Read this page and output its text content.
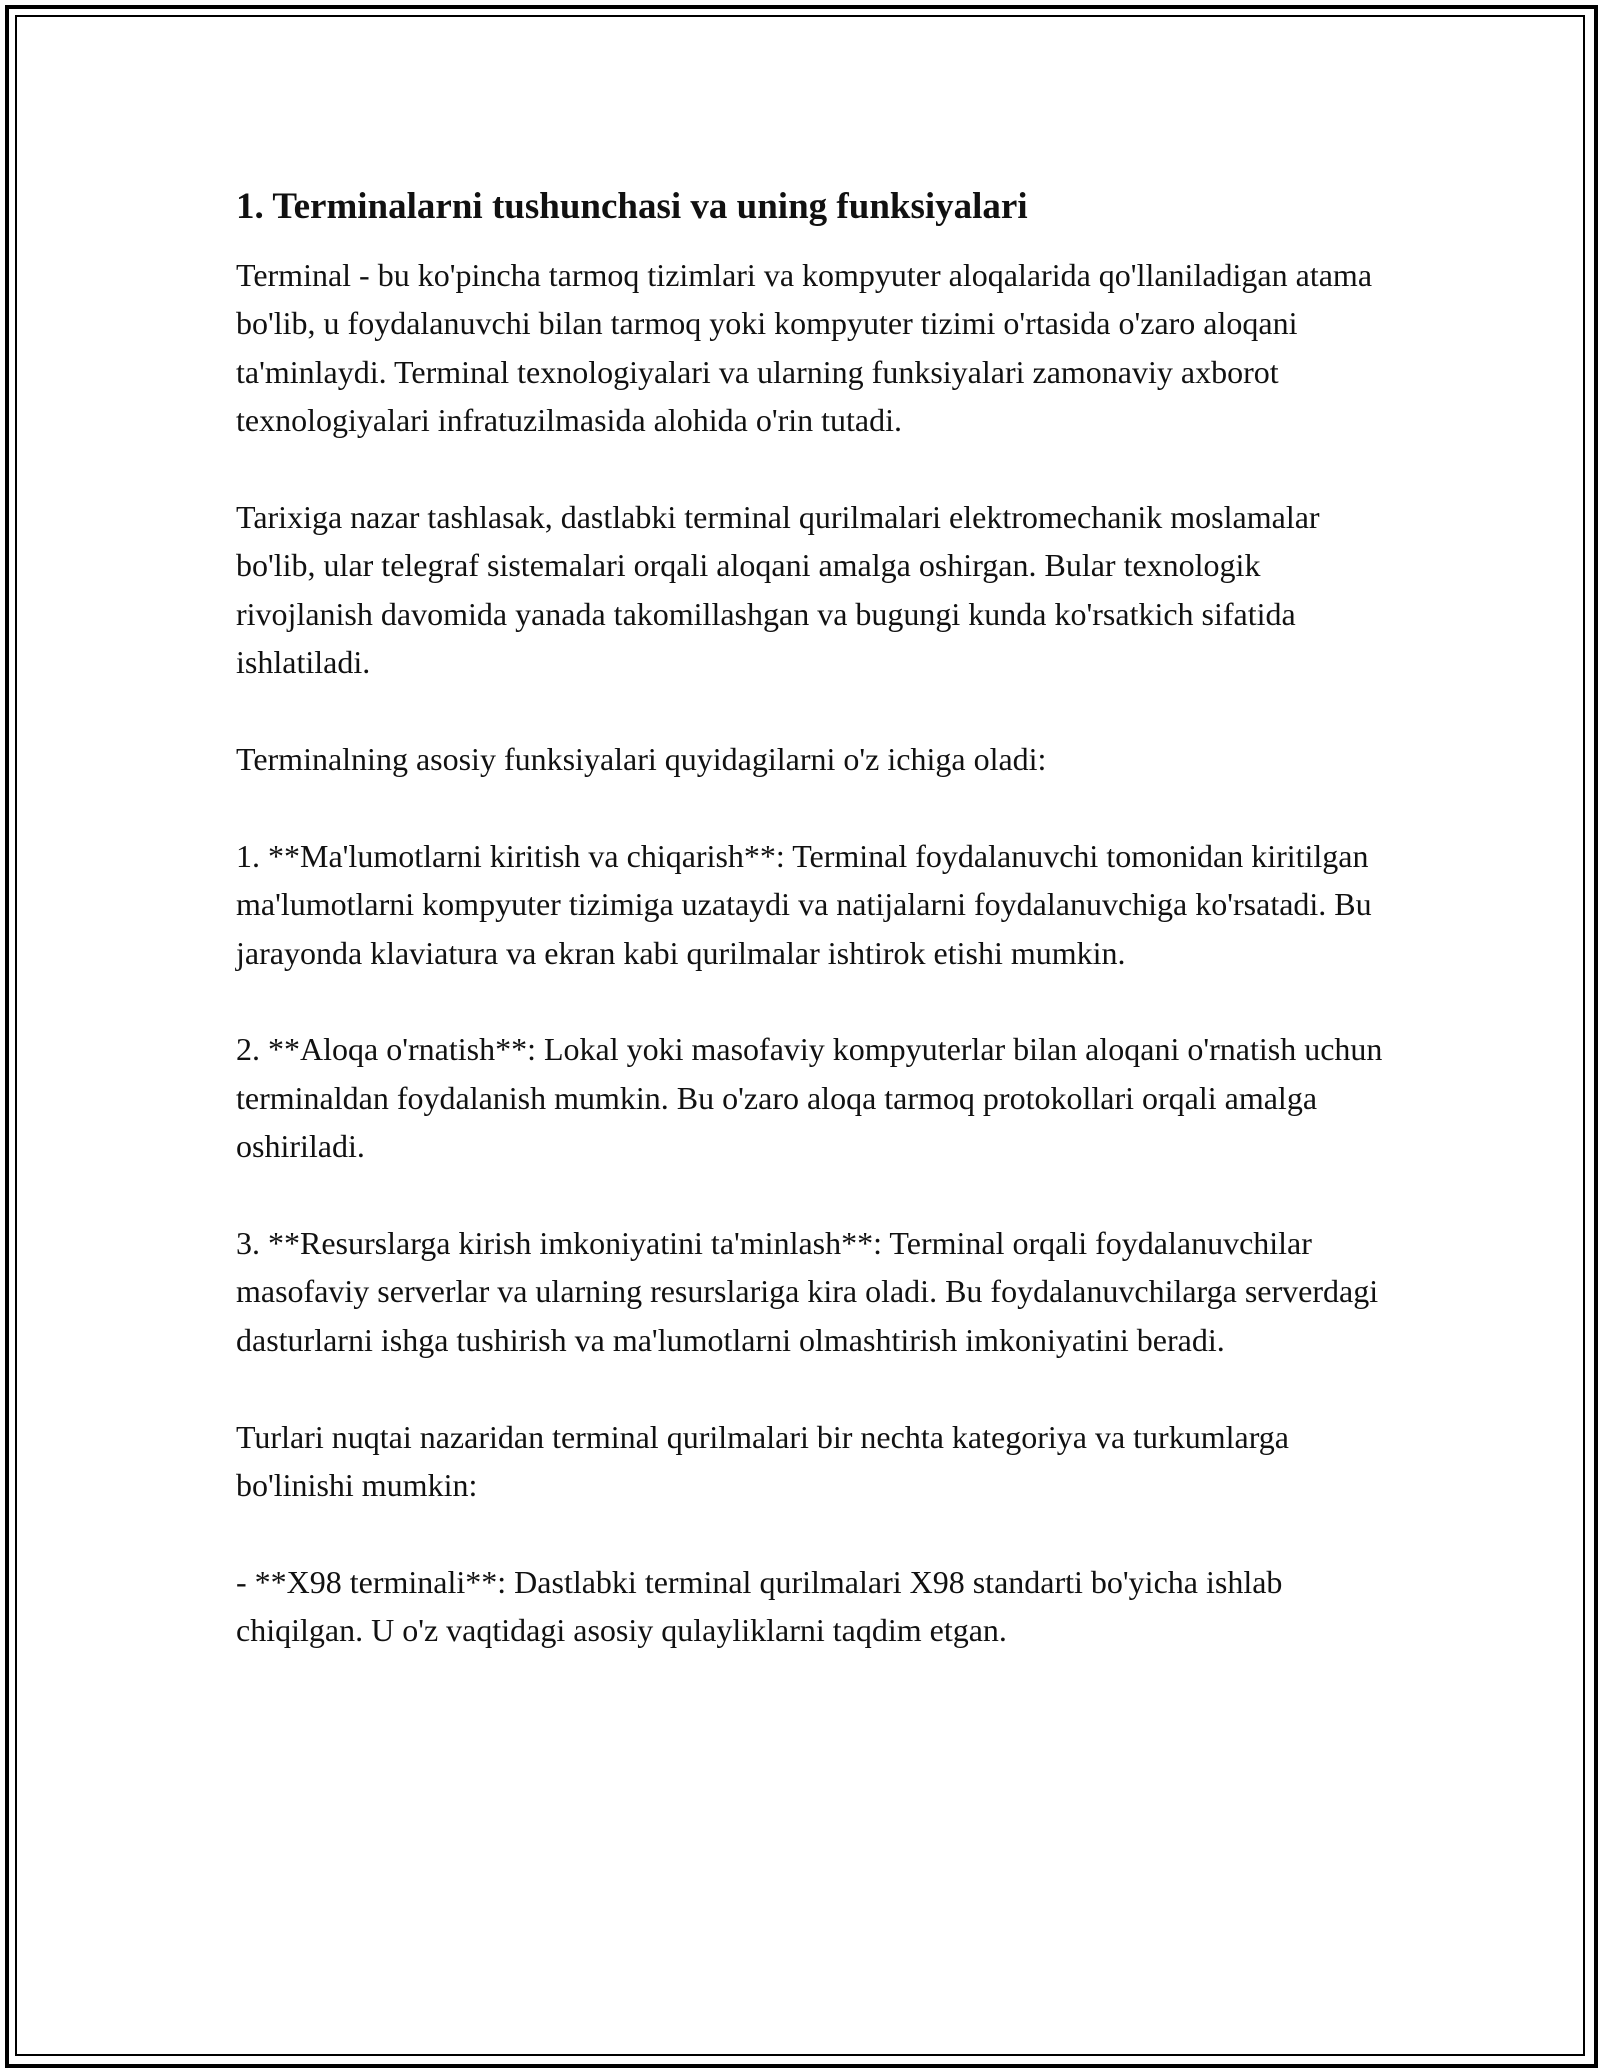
1. Terminalarni tushunchasi va uning funksiyalari

Terminal - bu ko'pincha tarmoq tizimlari va kompyuter aloqalarida qo'llaniladigan atama bo'lib, u foydalanuvchi bilan tarmoq yoki kompyuter tizimi o'rtasida o'zaro aloqani ta'minlaydi. Terminal texnologiyalari va ularning funksiyalari zamonaviy axborot texnologiyalari infratuzilmasida alohida o'rin tutadi.

Tarixiga nazar tashlasak, dastlabki terminal qurilmalari elektromechanik moslamalar bo'lib, ular telegraf sistemalari orqali aloqani amalga oshirgan. Bular texnologik rivojlanish davomida yanada takomillashgan va bugungi kunda ko'rsatkich sifatida ishlatiladi.

Terminalning asosiy funksiyalari quyidagilarni o'z ichiga oladi:

1. **Ma'lumotlarni kiritish va chiqarish**: Terminal foydalanuvchi tomonidan kiritilgan ma'lumotlarni kompyuter tizimiga uzataydi va natijalarni foydalanuvchiga ko'rsatadi. Bu jarayonda klaviatura va ekran kabi qurilmalar ishtirok etishi mumkin.

2. **Aloqa o'rnatish**: Lokal yoki masofaviy kompyuterlar bilan aloqani o'rnatish uchun terminaldan foydalanish mumkin. Bu o'zaro aloqa tarmoq protokollari orqali amalga oshiriladi.

3. **Resurslarga kirish imkoniyatini ta'minlash**: Terminal orqali foydalanuvchilar masofaviy serverlar va ularning resurslariga kira oladi. Bu foydalanuvchilarga serverdagi dasturlarni ishga tushirish va ma'lumotlarni olmashtirish imkoniyatini beradi.

Turlari nuqtai nazaridan terminal qurilmalari bir nechta kategoriya va turkumlarga bo'linishi mumkin:

- **X98 terminali**: Dastlabki terminal qurilmalari X98 standarti bo'yicha ishlab chiqilgan. U o'z vaqtidagi asosiy qulayliklarni taqdim etgan.
